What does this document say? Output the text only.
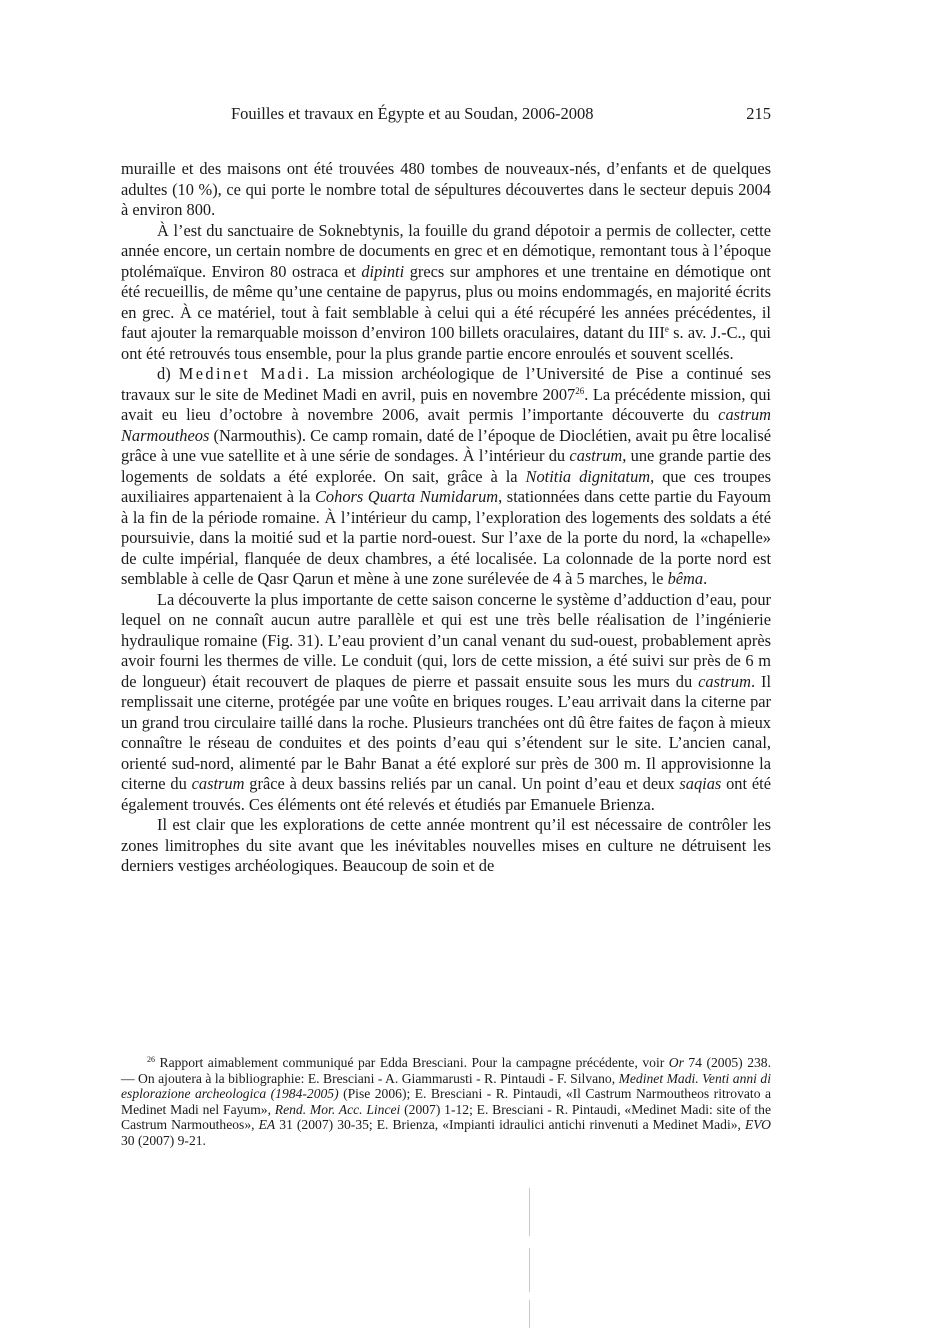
Fouilles et travaux en Égypte et au Soudan, 2006-2008	215

muraille et des maisons ont été trouvées 480 tombes de nouveaux-nés, d’enfants et de quelques adultes (10 %), ce qui porte le nombre total de sépultures découvertes dans le secteur depuis 2004 à environ 800.

À l’est du sanctuaire de Soknebtynis, la fouille du grand dépotoir a permis de collecter, cette année encore, un certain nombre de documents en grec et en démotique, remontant tous à l’époque ptolémaïque. Environ 80 ostraca et dipinti grecs sur amphores et une trentaine en démotique ont été recueillis, de même qu’une centaine de papyrus, plus ou moins endommagés, en majorité écrits en grec. À ce matériel, tout à fait semblable à celui qui a été récupéré les années précédentes, il faut ajouter la remarquable moisson d’environ 100 billets oraculaires, datant du IIIe s. av. J.-C., qui ont été retrouvés tous ensemble, pour la plus grande partie encore enroulés et souvent scellés.

d) Medinet Madi. La mission archéologique de l’Université de Pise a continué ses travaux sur le site de Medinet Madi en avril, puis en novembre 2007$^{26}$. La précédente mission, qui avait eu lieu d’octobre à novembre 2006, avait permis l’importante découverte du castrum Narmoutheos (Narmouthis). Ce camp romain, daté de l’époque de Dioclétien, avait pu être localisé grâce à une vue satellite et à une série de sondages. À l’intérieur du castrum, une grande partie des logements de soldats a été explorée. On sait, grâce à la Notitia dignitatum, que ces troupes auxiliaires appartenaient à la Cohors Quarta Numidarum, stationnées dans cette partie du Fayoum à la fin de la période romaine. À l’intérieur du camp, l’exploration des logements des soldats a été poursuivie, dans la moitié sud et la partie nord-ouest. Sur l’axe de la porte du nord, la «chapelle» de culte impérial, flanquée de deux chambres, a été localisée. La colonnade de la porte nord est semblable à celle de Qasr Qarun et mène à une zone surélevée de 4 à 5 marches, le bêma.

La découverte la plus importante de cette saison concerne le système d’adduction d’eau, pour lequel on ne connaît aucun autre parallèle et qui est une très belle réalisation de l’ingénierie hydraulique romaine (Fig. 31). L’eau provient d’un canal venant du sud-ouest, probablement après avoir fourni les thermes de ville. Le conduit (qui, lors de cette mission, a été suivi sur près de 6 m de longueur) était recouvert de plaques de pierre et passait ensuite sous les murs du castrum. Il remplissait une citerne, protégée par une voûte en briques rouges. L’eau arrivait dans la citerne par un grand trou circulaire taillé dans la roche. Plusieurs tranchées ont dû être faites de façon à mieux connaître le réseau de conduites et des points d’eau qui s’étendent sur le site. L’ancien canal, orienté sud-nord, alimenté par le Bahr Banat a été exploré sur près de 300 m. Il approvisionne la citerne du castrum grâce à deux bassins reliés par un canal. Un point d’eau et deux saqias ont été également trouvés. Ces éléments ont été relevés et étudiés par Emanuele Brienza.

Il est clair que les explorations de cette année montrent qu’il est nécessaire de contrôler les zones limitrophes du site avant que les inévitables nouvelles mises en culture ne détruisent les derniers vestiges archéologiques. Beaucoup de soin et de

$^{26}$ Rapport aimablement communiqué par Edda Bresciani. Pour la campagne précédente, voir Or 74 (2005) 238. — On ajoutera à la bibliographie: E. Bresciani - A. Giammarusti - R. Pintaudi - F. Silvano, Medinet Madi. Venti anni di esplorazione archeologica (1984-2005) (Pise 2006); E. Bresciani - R. Pintaudi, «Il Castrum Narmoutheos ritrovato a Medinet Madi nel Fayum», Rend. Mor. Acc. Lincei (2007) 1-12; E. Bresciani - R. Pintaudi, «Medinet Madi: site of the Castrum Narmoutheos», EA 31 (2007) 30-35; E. Brienza, «Impianti idraulici antichi rinvenuti a Medinet Madi», EVO 30 (2007) 9-21.
